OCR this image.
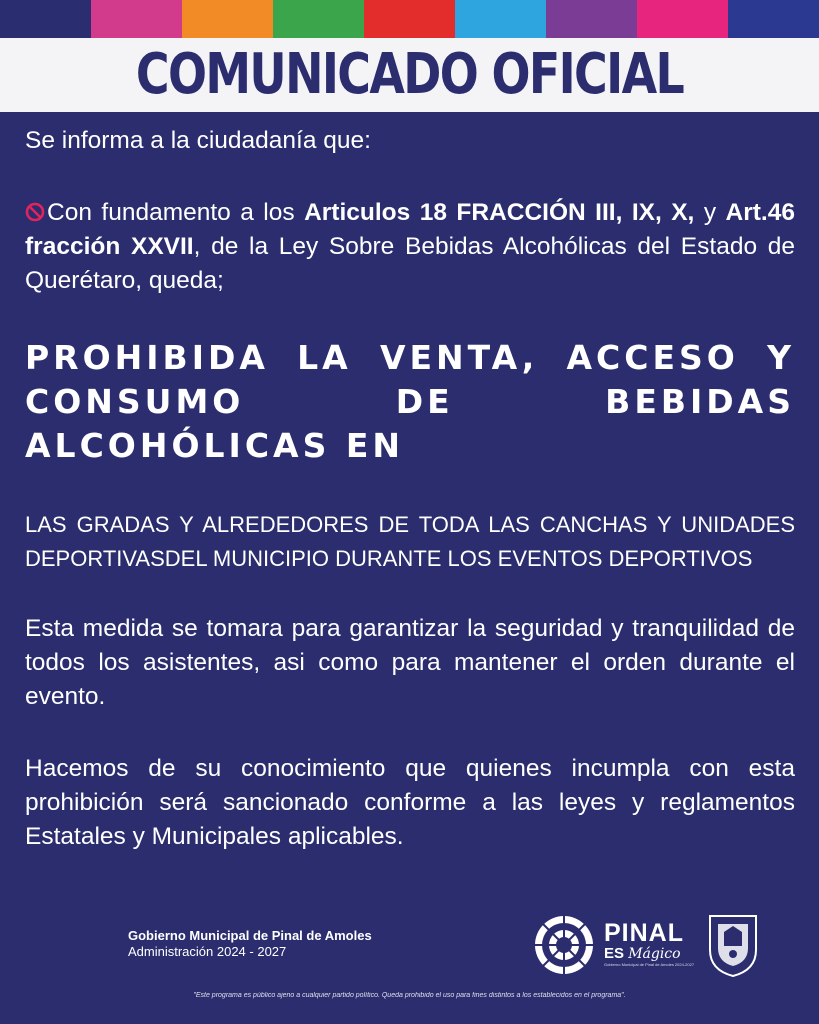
COMUNICADO OFICIAL

Se informa a la ciudadanía que:

Con fundamento a los Articulos 18 FRACCIÓN III, IX, X, y Art.46 fracción XXVII, de la Ley Sobre Bebidas Alcohólicas del Estado de Querétaro, queda;

PROHIBIDA LA VENTA, ACCESO Y CONSUMO DE BEBIDAS ALCOHÓLICAS EN

LAS GRADAS Y ALREDEDORES DE TODA LAS CANCHAS Y UNIDADES DEPORTIVASDEL MUNICIPIO DURANTE LOS EVENTOS DEPORTIVOS

Esta medida se tomara para garantizar la seguridad y tranquilidad de todos los asistentes, asi como para mantener el orden durante el evento.

Hacemos de su conocimiento que quienes incumpla con esta prohibición será sancionado conforme a las leyes y reglamentos Estatales y Municipales aplicables.

Gobierno Municipal de Pinal de Amoles
Administración 2024 - 2027
PINAL
ES Mágico
Gobierno Municipal de Pinal de Amoles 2024-2027
"Este programa es público ajeno a cualquier partido político. Queda prohibido el uso para fines distintos a los establecidos en el programa".
